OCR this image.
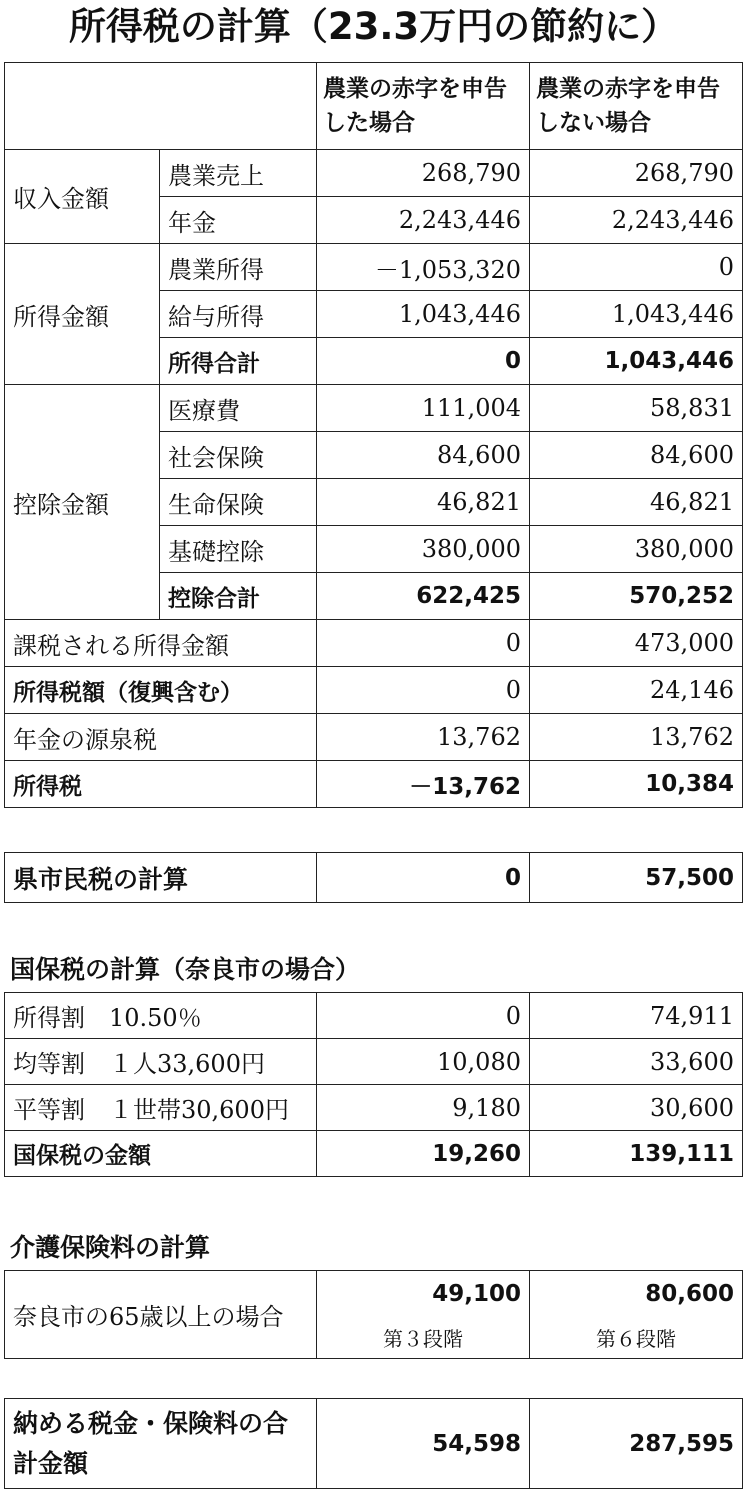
所得税の計算（23.3万円の節約に）
		農業の赤字を申告した場合	農業の赤字を申告しない場合
収入金額	農業売上	268,790	268,790
	年金	2,243,446	2,243,446
所得金額	農業所得	－1,053,320	0
	給与所得	1,043,446	1,043,446
	所得合計	0	1,043,446
控除金額	医療費	111,004	58,831
	社会保険	84,600	84,600
	生命保険	46,821	46,821
	基礎控除	380,000	380,000
	控除合計	622,425	570,252
課税される所得金額		0	473,000
所得税額（復興含む）		0	24,146
年金の源泉税		13,762	13,762
所得税		－13,762	10,384
県市民税の計算	0	57,500
国保税の計算（奈良市の場合）
所得割　10.50％	0	74,911
均等割　１人33,600円	10,080	33,600
平等割　１世帯30,600円	9,180	30,600
国保税の金額	19,260	139,111
介護保険料の計算
奈良市の65歳以上の場合	49,100	80,600
	第３段階	第６段階
納める税金・保険料の合計金額	54,598	287,595
